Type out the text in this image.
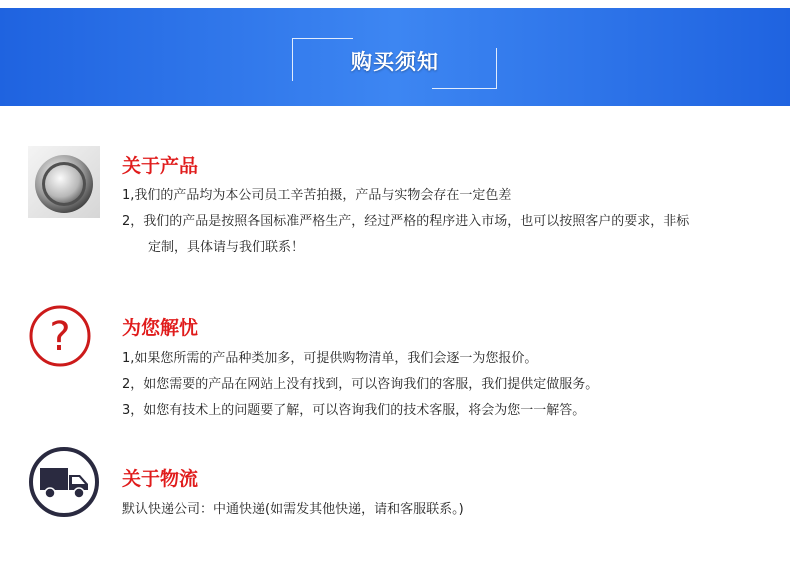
购买须知
关于产品
1,我们的产品均为本公司员工辛苦拍摄，产品与实物会存在一定色差
2，我们的产品是按照各国标准严格生产，经过严格的程序进入市场，也可以按照客户的要求，非标
定制，具体请与我们联系！
?	为您解忧
1,如果您所需的产品种类加多，可提供购物清单，我们会逐一为您报价。
2，如您需要的产品在网站上没有找到，可以咨询我们的客服，我们提供定做服务。
3，如您有技术上的问题要了解，可以咨询我们的技术客服，将会为您一一解答。
关于物流
默认快递公司：中通快递(如需发其他快递，请和客服联系。)
